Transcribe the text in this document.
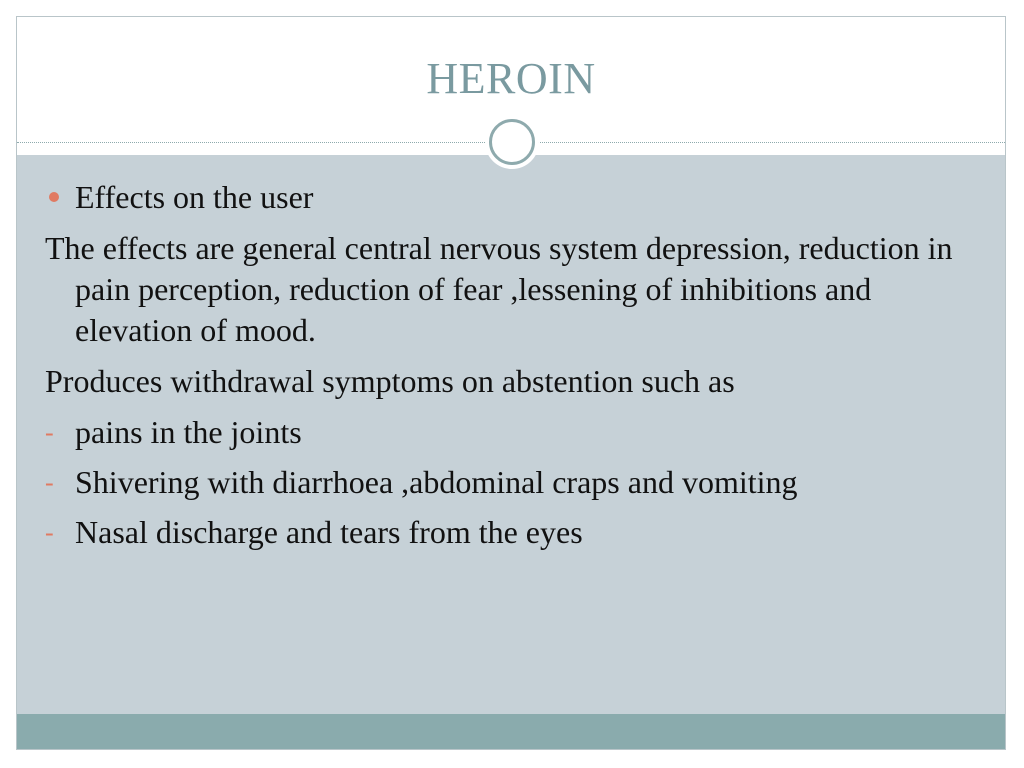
HEROIN
Effects on the user
The effects are general central nervous system depression, reduction in pain perception, reduction of fear ,lessening of inhibitions and elevation of mood.
Produces withdrawal symptoms on abstention such as
- pains in the joints
- Shivering with diarrhoea ,abdominal craps and vomiting
- Nasal discharge and tears from the eyes
